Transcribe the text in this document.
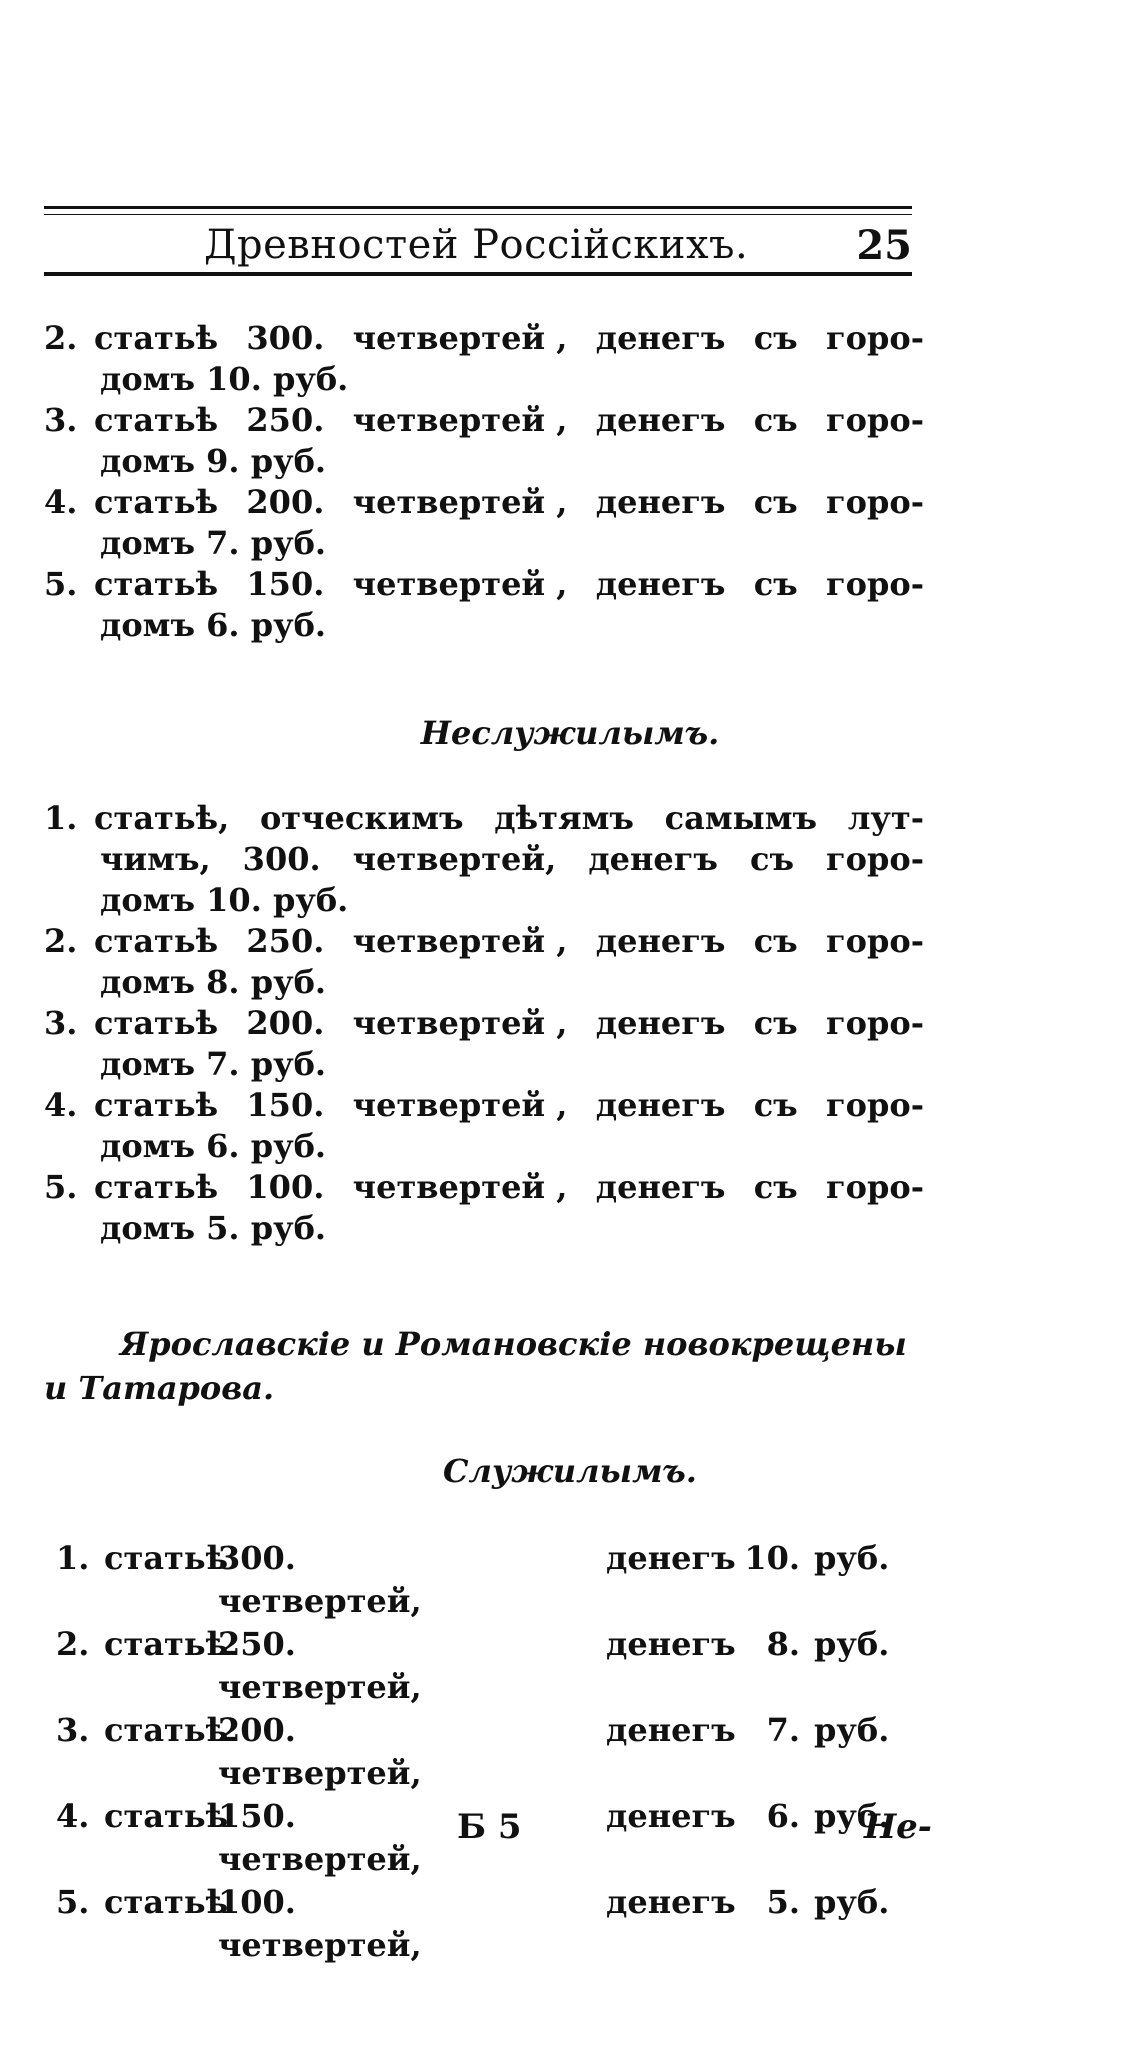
Древностей Россійскихъ.	25
2. статьѣ 300. четвертей , денегъ съ горо-
домъ 10. руб.
3. статьѣ 250. четвертей , денегъ съ горо-
домъ 9. руб.
4. статьѣ 200. четвертей , денегъ съ горо-
домъ 7. руб.
5. статьѣ 150. четвертей , денегъ съ горо-
домъ 6. руб.
Неслужилымъ.
1. статьѣ, отческимъ дѣтямъ самымъ лут-
чимъ, 300. четвертей, денегъ съ горо-
домъ 10. руб.
2. статьѣ 250. четвертей , денегъ съ горо-
домъ 8. руб.
3. статьѣ 200. четвертей , денегъ съ горо-
домъ 7. руб.
4. статьѣ 150. четвертей , денегъ съ горо-
домъ 6. руб.
5. статьѣ 100. четвертей , денегъ съ горо-
домъ 5. руб.
Ярославскіе и Романовскіе новокрещены
и Татарова.
Служилымъ.
1. статьѣ
300. четвертей,
денегъ 10. руб.
2. статьѣ
250. четвертей,
денегъ 8. руб.
3. статьѣ
200. четвертей,
денегъ 7. руб.
4. статьѣ
150. четвертей,
денегъ 6. руб.
5. статьѣ
100. четвертей,
денегъ 5. руб.
Б 5	Не-
